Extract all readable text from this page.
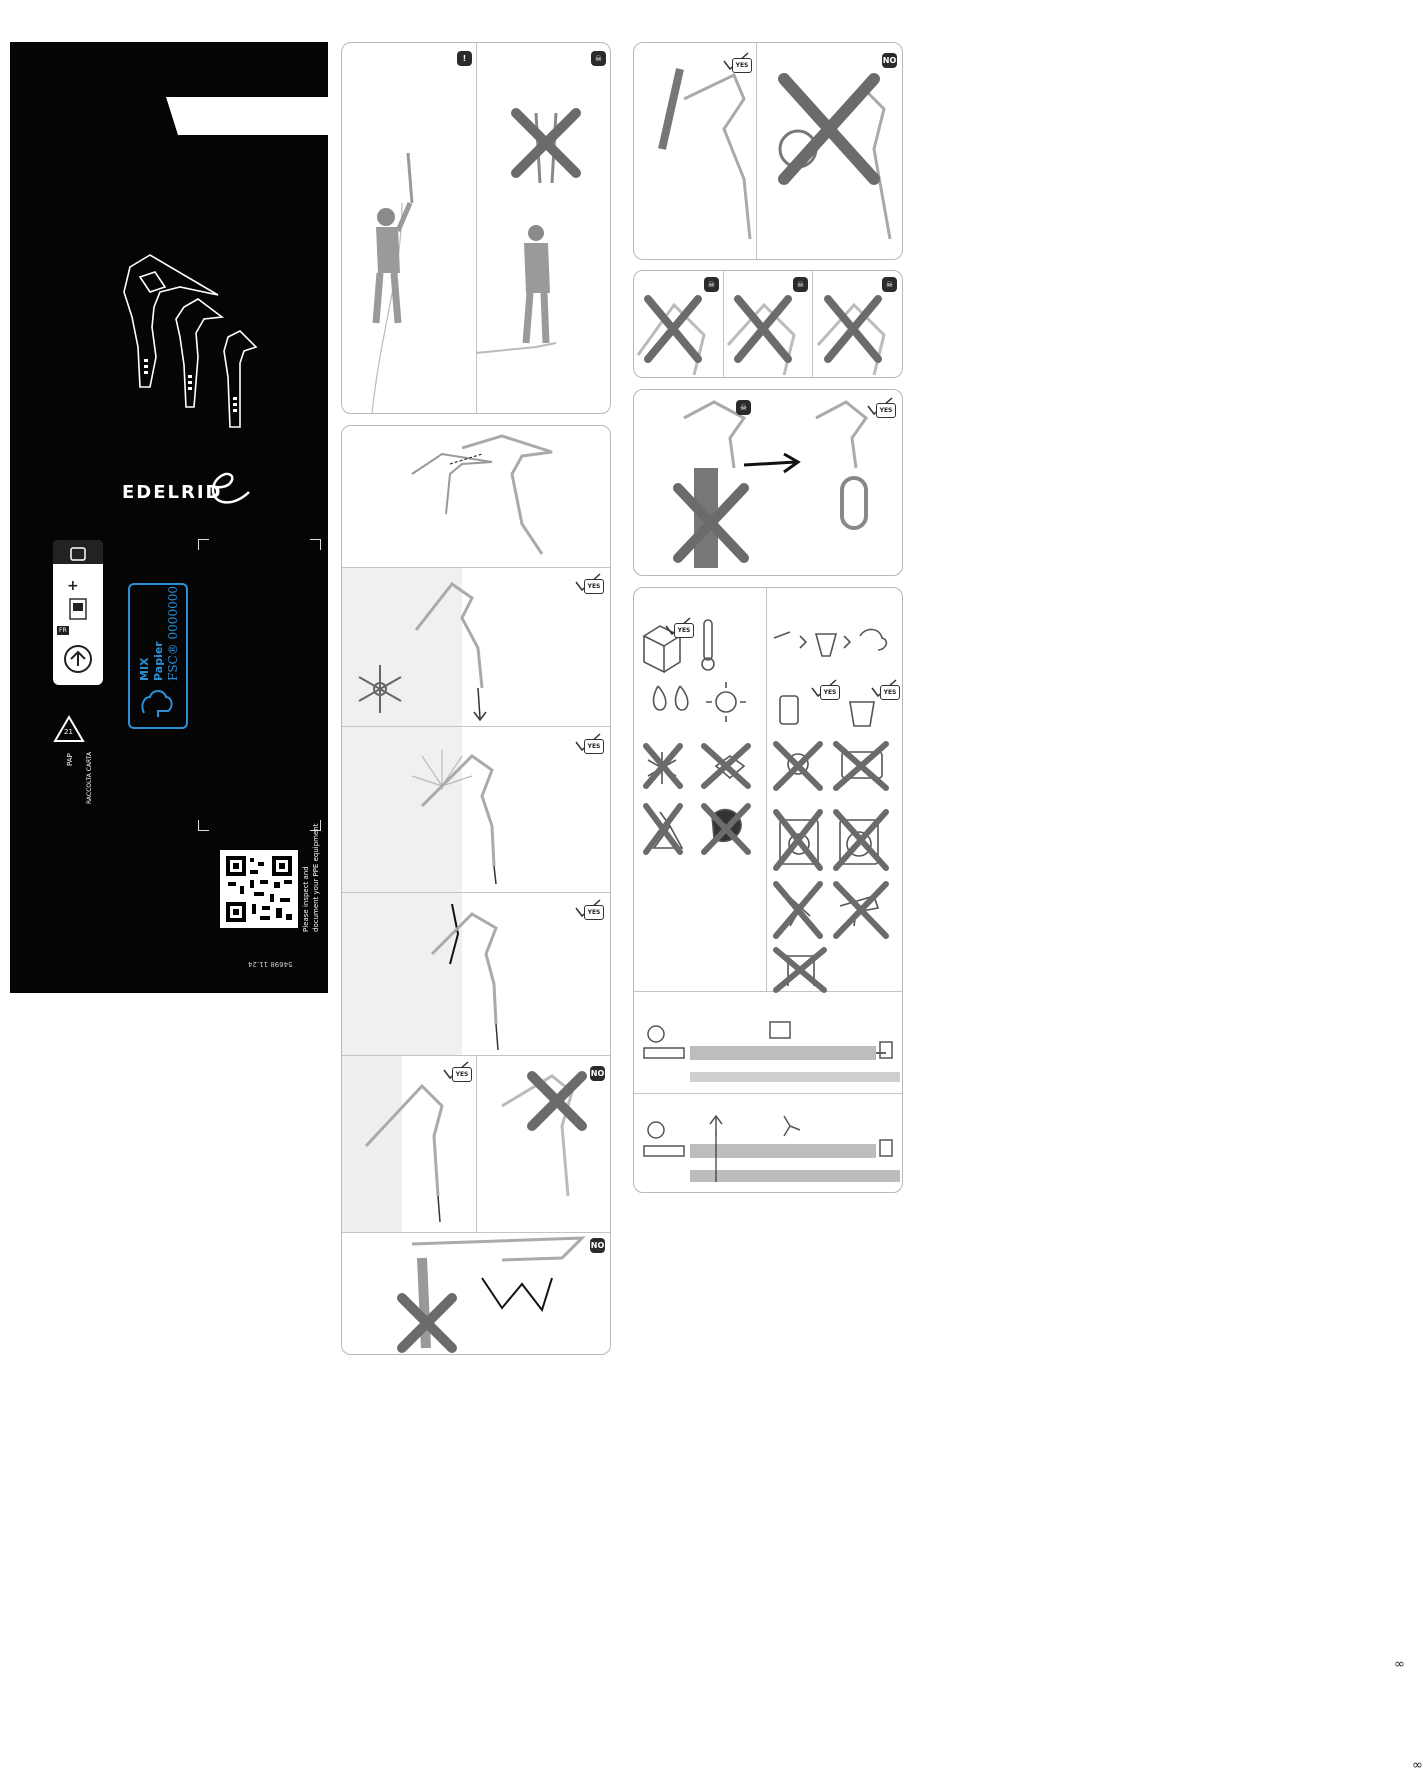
EDELRID
+
FR
MIX Papier FSC® 0000000
21
PAP RACCOLTA CARTA
Please inspect and document your PPE equipment
54698 11.24
!	☠
YES
YES
YES
YES	NO
NO
YES
NO
☠	☠	☠
☠	YES
YES
YES	YES
∞
∞
